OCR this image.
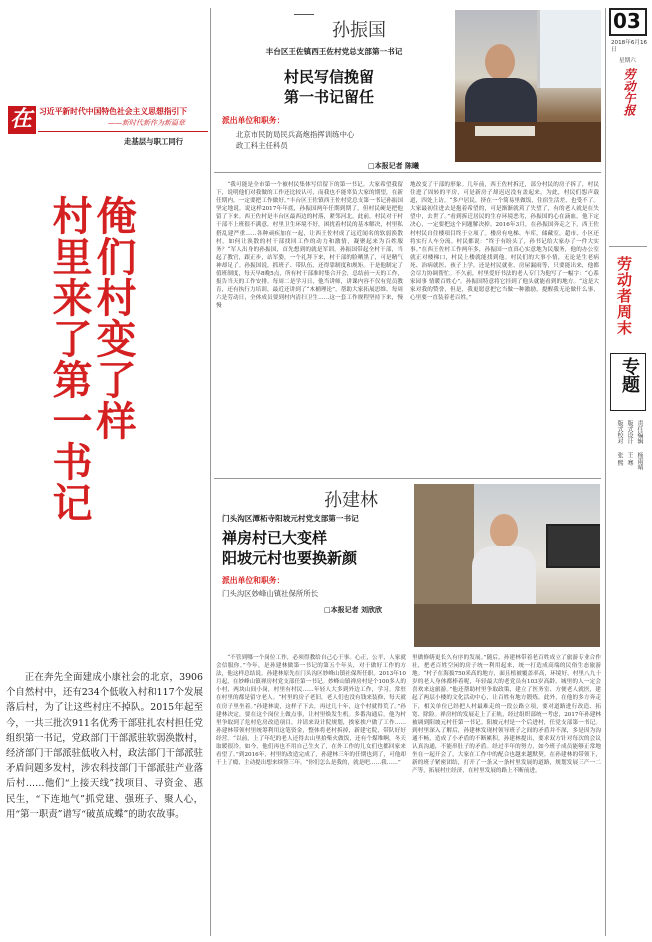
在 习近平新时代中国特色社会主义思想指引下
——新时代新作为新篇章
走基层与职工同行
俺们村变了样
村里来了第一书记
正在奔先全面建成小康社会的北京，3906个自然村中，还有234个低收入村和117个发展落后村，为了让这些村庄不掉队。2015年起至今，一共三批次911名优秀干部驻扎农村担任党组织第一书记，党政部门干部派驻软弱涣散村，经济部门干部派驻低收入村，政法部门干部派驻矛盾问题多发村，涉农科技部门干部派驻产业落后村……他们“上接天线”找项目、寻资金、惠民生，“下连地气”抓党建、强班子、聚人心，用“第一职责”谱写“破茧成蝶”的助农故事。
孙振国
丰台区王佐镇西王佐村党总支部第一书记
村民写信挽留
第一书记留任
派出单位和职务：
北京市民防局民兵高炮指挥训练中心
政工科主任科员
□本报记者 陈曦
“我可能是全市第一个被村民集体写信留下的第一书记。大家希望我留下，说明他们对我做的工作还比较认可，而我也不能辜负大家的期望，在新任期内，一定要把工作做好。”丰台区王佐镇西王佐村党总支第一书记孙振国坚定地说。说这样2017年年底，孙振国两年任期到期了，但村民硬是把他留了下来。西王佐村是丰台区最西边的村落，紧邻河北。此前，村民对于村干部不上班很不满意，村里卫生环境不好，困扰着村民的基本解决，村里私搭乱建严重……各种顽疾加在一起，让西王佐村成了远近闻名的软弱涣散村。如何让涣散的村干部找回工作的动力和激情，凝聚起来为百姓服务？“军人出身的孙振国，首先想到的就是军训。孙振国带起全村干部，当起了教官，跟正步，站军姿，一个礼拜下来，村干部的脸晒黑了，可是精气神却足了。孙振国说，抓班子、带队伍，还得靠制度和规矩。于是他制定了值班制度，每天早8晚5点，所有村干部准时集合开会，总结前一天的工作，报告当天的工作安排。每周二是学习日，他当讲师，讲课内容不仅有党员教育，还有执行力培训，最近还讲到了“木桶理论”，帮助大家拓展思维。每周六是劳动日，全体成员要到村内清扫卫生……这一套工作规程坚持下来，慢慢
地改变了干部的形象。几年前，西王佐村拆迁，部分村民的房子拆了，村民住进了周转的平房，可是新房子却迟迟没有盖起来。为此，村民们怨声载道，四处上访。“多户居民，挤在一个简易里做饭，住宿生活差，也受不了。大家最初住进去是抱着希望的，可是渐渐就蔫了失望了，有的老人就是在失望中，去世了。”看到拆迁居民的生存环境恶劣，孙振国的心在滴血。他下定决心，一定要把这个问题解决掉。2016年3月，在孙振国奔走之下，西王佐村村民自住楼项目终于立项了。楼房有电梯、车库，储藏室，超市、小区还将实行人车分流。村民都说：“终于有盼头了，孙书记给大家办了一件大实事。”在西王佐村工作两年多，孙振国一直真心实意地为民服务，他的办公室就正对楼梯口，村民上楼就能找到他。村民们的大事小情，无论是生老病死、治病就医、孩子上学，还是村民就业、房屋漏雨等，只要能出来，他都会尽力协调帮忙。不久前，村里爱好书法的老人专门为他写了一幅字：“心系家园事 情暖百姓心”。孙振国特意将它挂到了他头就能看到的地方。“这是大家对我的赞誉，但是，我更愿意把它当做一种激励，提醒我无论做什么事，心里要一直装着老百姓。”
孙建林
门头沟区潭柘寺阳坡元村党支部第一书记
禅房村已大变样
阳坡元村也要换新颜
派出单位和职务：
门头沟区妙峰山镇社保所所长
□本报记者 刘欣欣
“不管到哪一个岗位工作，必须得教给自己心干事。心正，公平，人家就会信服你。”今年，是孙建林做第一书记的第五个年头，对于做好工作的方法，他这样总结说。孙建林原先在门头沟区妙峰山镇社保所任职。2013年10月起，在妙峰山镇禅房村党支部任第一书记。妙峰山镇禅房村是个100多人的小村，两块山间小岗，村里有村民……年轻人大多到外边工作，学习。常驻在村里的都是留守老人。“村里的房子老旧，老人们也没有钱来装修，每天就在房子里坐着。”孙建林说，这样子下去，再过几十年，这个村就得荒了。”孙建林决定，要在这个岗位上做点事，让村里焕发生机。多番沟通后，他为村里争取到了危村危房改造项目，并请来设计院规划，挨家挨户做了工作……孙建林带领村里统筹利用这笔资金，整体将老村拆掉，新建宅院，带队好好经营。“以前，上了年纪的老人还得去山里拾柴火做饭，还有个煤堆啊，冬天取暖很冷。如今，他们再也不用自己生火了，在外工作的儿女们也都回家来看望了。”到2016年，村里的改造完成了，孙建林三年的任期也到了，可他却干上了瘾，主动提出想来续签三年。“你们怎么是我的，就是吧……我……”
里做修缮更长久有序的发展。”随后，孙建林带着老百姓成立了旅游专业合作社，把老百姓空闲的房子统一利用起来，统一打造成高端的民俗生态旅游地。“村子在海拔750米高的地方，面且植被覆盖率高，环境好，村里八九十岁的老人身体都棒着呢，年轻最大的老党员有103岁高龄，城里的人一定会喜欢来这旅游。”他还帮助村里争取政策，建立了医务室、方便老人就医，建起了两层小楼的文化活动中心，让百姓有地方锻炼。此外，在他的多方奔走下，相关单位已经把人村最难走的一段公路立项，要对道路进行改造、拓宽、除险。禅房村的发展走上了正轨，经过组织部统一考虑，2017年孙建林被调到阳坡元村任第一书记。阳坡元村是一个后进村，任党支部第一书记。到村里深入了解后，孙建林发现村领导班子之间的矛盾并不深，多是因为沟通不畅，造成了小矛盾的不断累积。孙建林提出，要求双方针对每次的会议认真沟通，不能串肚子的矛盾。经过半年的努力，如今班子成员能够正常地坐在一起开会了，大家在工作中的配合也越来越默契。在孙建林的带领下，新的班子紧密团结，打开了一条又一条村里发展的道路，规划发展三产一二产等，拓展村庄经济，在村里发展的路上不断前进。
03
2018年6月16日
星期六
劳动午报
劳动者周末
专题
责任编辑
杨雨晴
版式设计
王 骞
版式校对
张 熙
